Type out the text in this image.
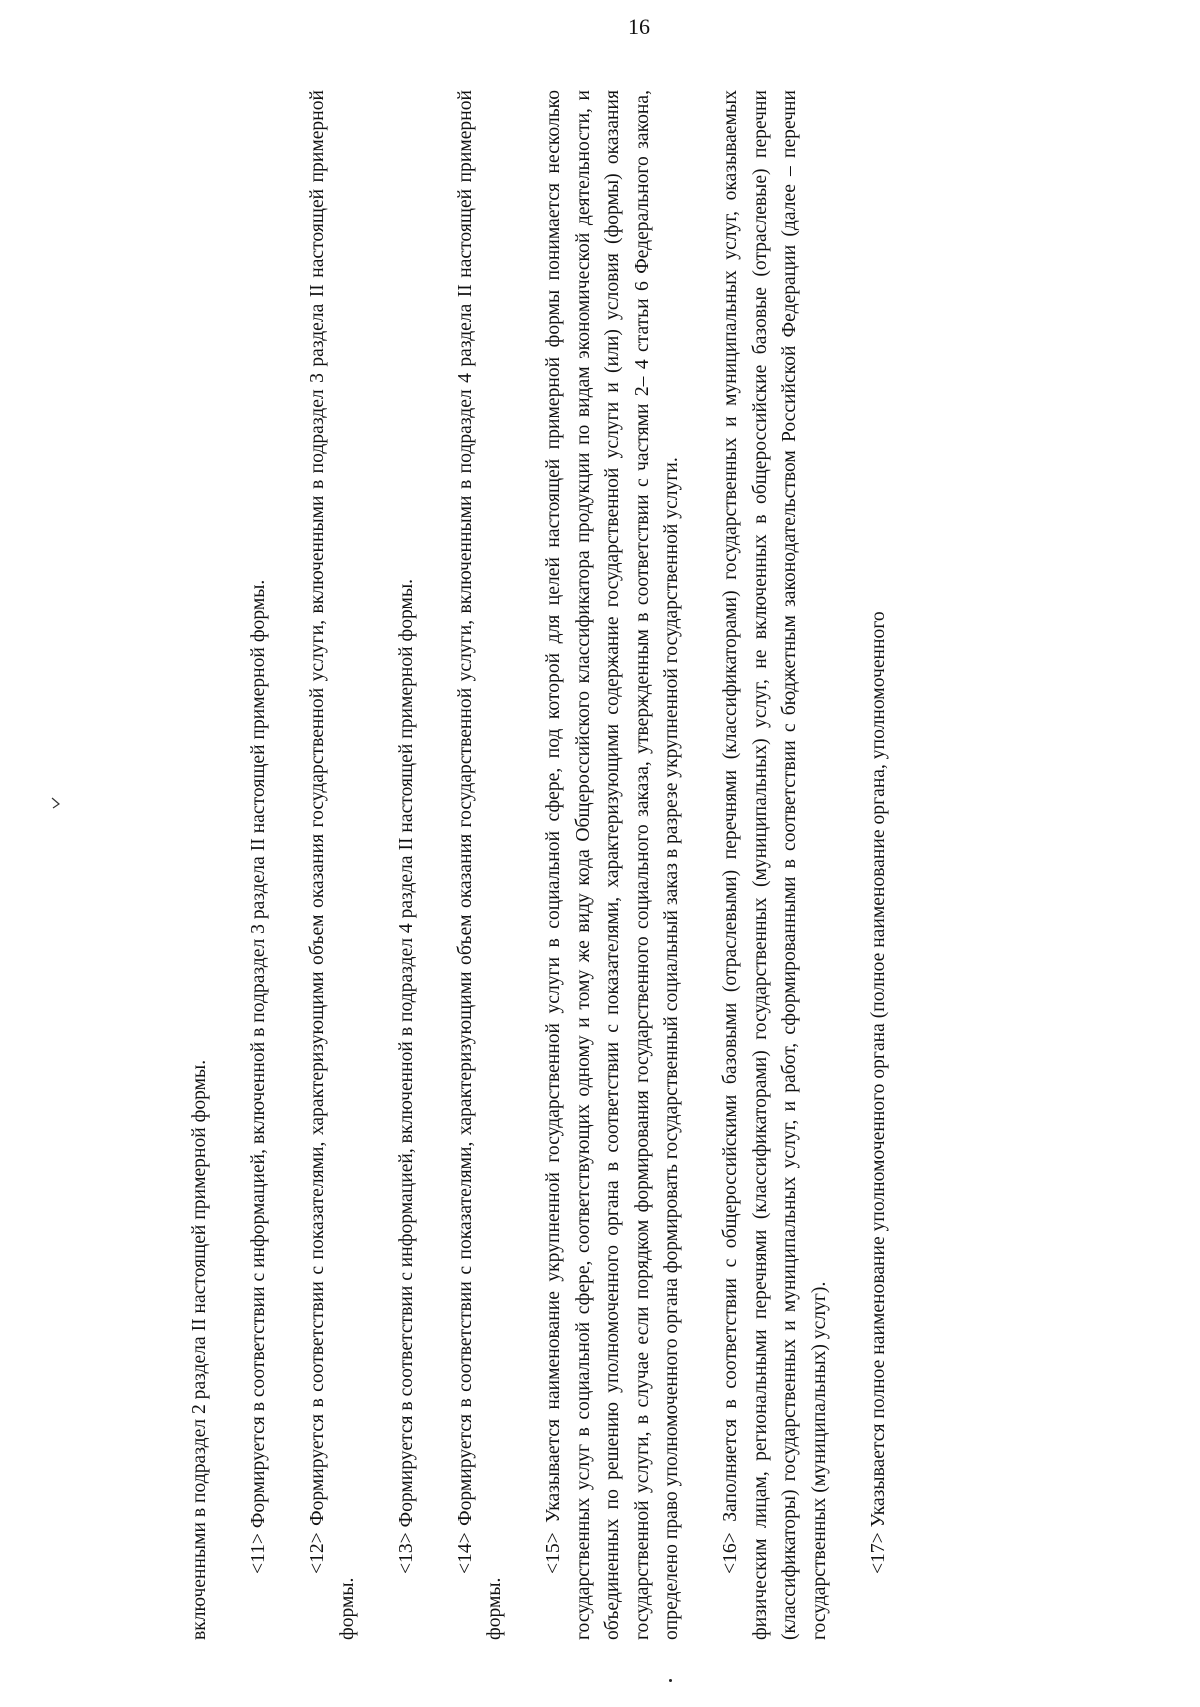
16

включенными в подраздел 2 раздела II настоящей примерной формы. <11> Формируется в соответствии с информацией, включенной в подраздел 3 раздела II настоящей примерной формы. <12> Формируется в соответствии с показателями, характеризующими объем оказания государственной услуги, включенными в подраздел 3 раздела II настоящей примерной формы.

<13> Формируется в соответствии с информацией, включенной в подраздел 4 раздела II настоящей примерной формы. <14> Формируется в соответствии с показателями, характеризующими объем оказания государственной услуги, включенными в подраздел 4 раздела II настоящей примерной формы.

<15> Указывается наименование укрупненной государственной услуги в социальной сфере, под которой для целей настоящей примерной формы понимается несколько государственных услуг в социальной сфере, соответствующих одному и тому же виду кода Общероссийского классификатора продукции по видам экономической деятельности, и объединенных по решению уполномоченного органа в соответствии с показателями, характеризующими содержание государственной услуги и (или) условия (формы) оказания государственной услуги, в случае если порядком формирования государственного социального заказа, утвержденным в соответствии с частями 2– 4 статьи 6 Федерального закона, определено право уполномоченного органа формировать государственный социальный заказ в разрезе укрупненной государственной услуги. <16> Заполняется в соответствии с общероссийскими базовыми (отраслевыми) перечнями (классификаторами) государственных и муниципальных услуг, оказываемых физическим лицам, региональными перечнями (классификаторами) государственных (муниципальных) услуг, не включенных в общероссийские базовые (отраслевые) перечни (классификаторы) государственных и муниципальных услуг, и работ, сформированными в соответствии с бюджетным законодательством Российской Федерации (далее – перечни государственных (муниципальных) услуг). <17> Указывается полное наименование уполномоченного органа (полное наименование органа, уполномоченного
